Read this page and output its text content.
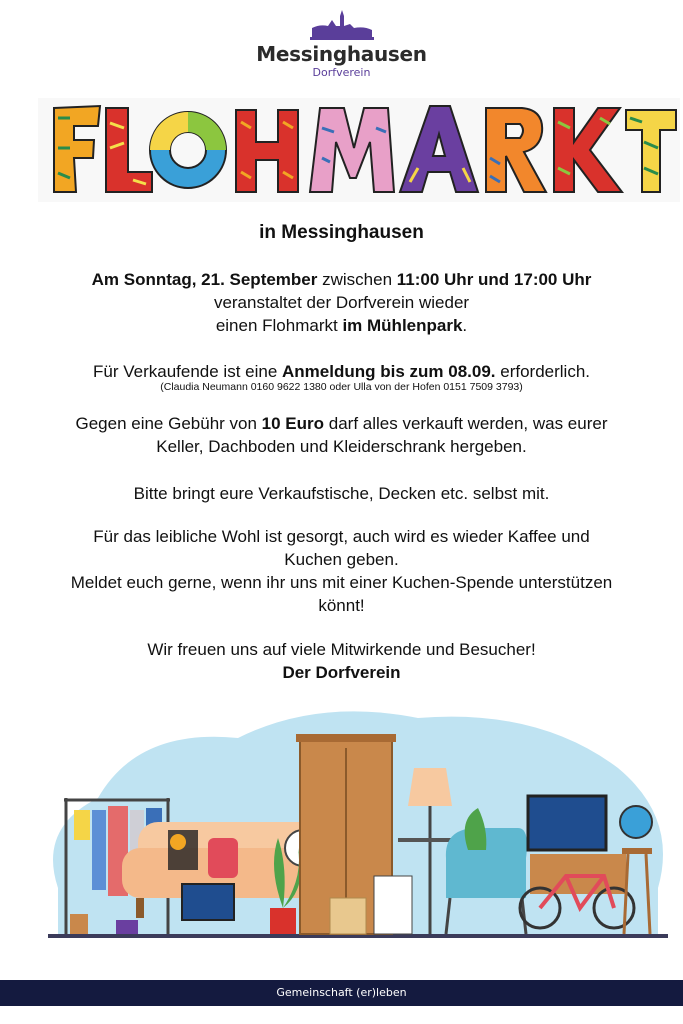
Messinghausen
Dorfverein
in Messinghausen
Am Sonntag, 21. September zwischen 11:00 Uhr und 17:00 Uhr
veranstaltet der Dorfverein wieder
einen Flohmarkt im Mühlenpark.
Für Verkaufende ist eine Anmeldung bis zum 08.09. erforderlich.
(Claudia Neumann 0160 9622 1380 oder Ulla von der Hofen 0151 7509 3793)
Gegen eine Gebühr von 10 Euro darf alles verkauft werden, was eurer
Keller, Dachboden und Kleiderschrank hergeben.
Bitte bringt eure Verkaufstische, Decken etc. selbst mit.
Für das leibliche Wohl ist gesorgt, auch wird es wieder Kaffee und
Kuchen geben.
Meldet euch gerne, wenn ihr uns mit einer Kuchen-Spende unterstützen
könnt!
Wir freuen uns auf viele Mitwirkende und Besucher!
Der Dorfverein
Gemeinschaft (er)leben
